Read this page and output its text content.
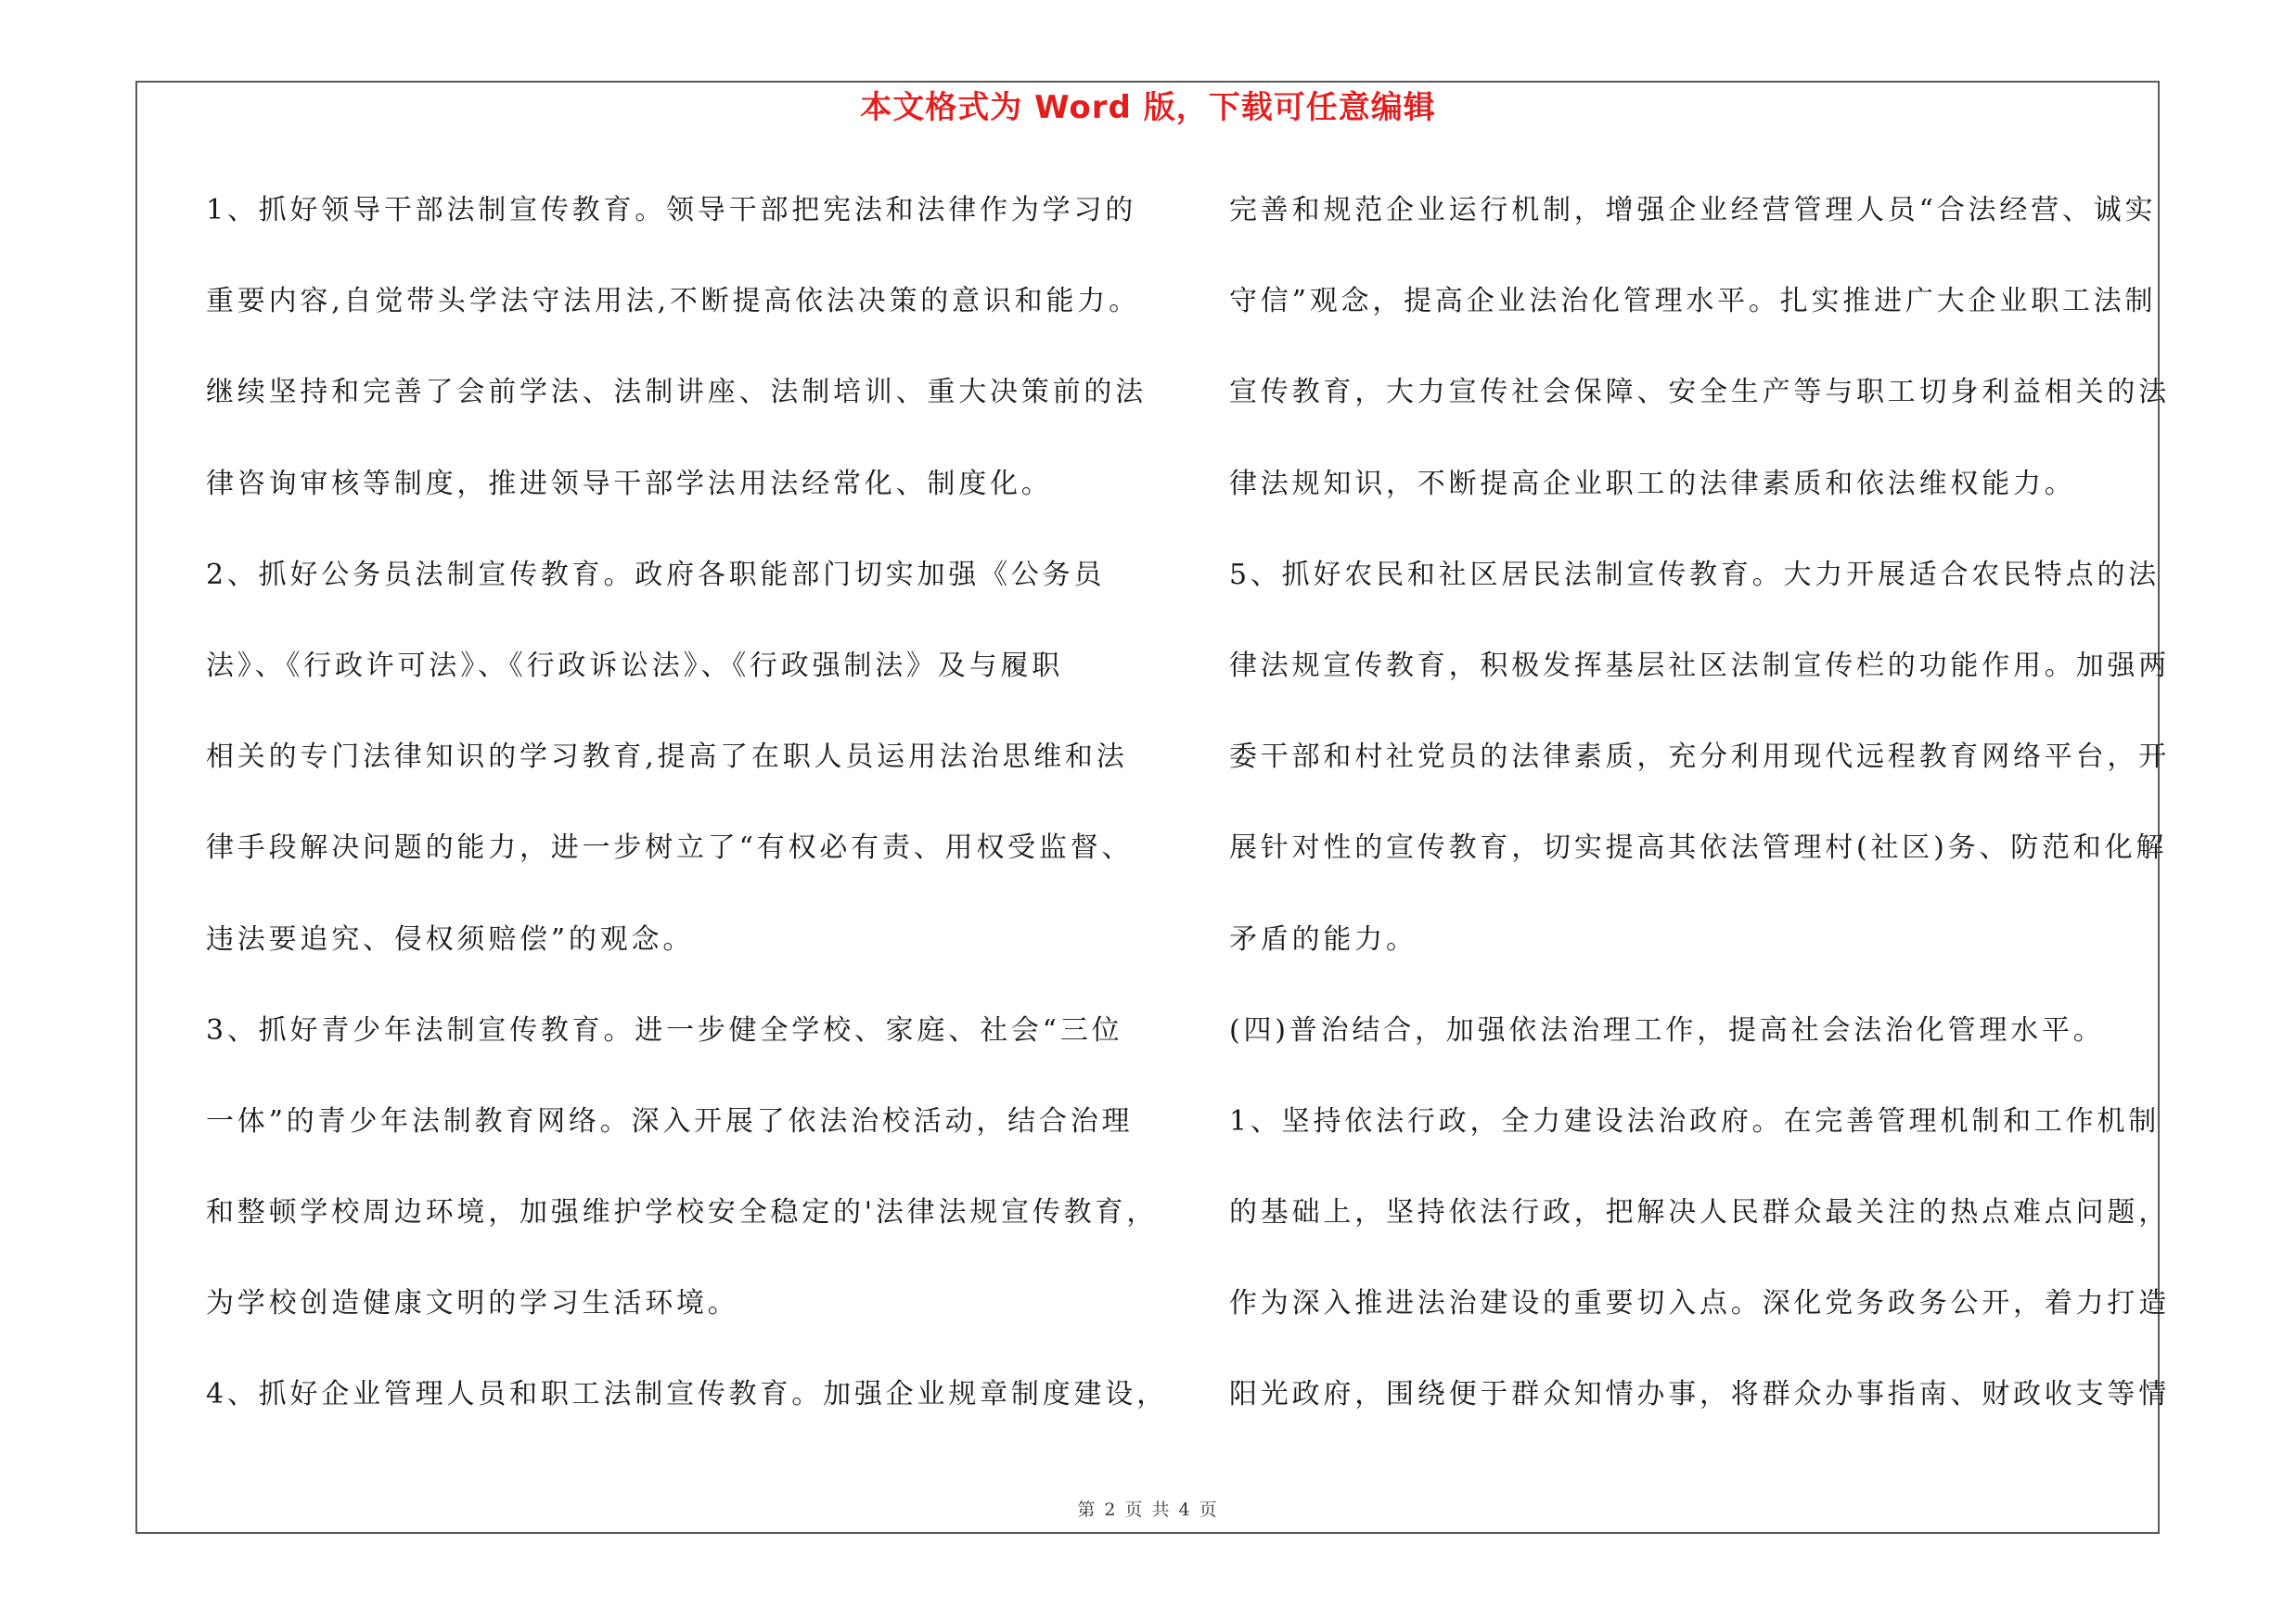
本文格式为 Word 版，下载可任意编辑
1、抓好领导干部法制宣传教育。领导干部把宪法和法律作为学习的
重要内容,自觉带头学法守法用法,不断提高依法决策的意识和能力。
继续坚持和完善了会前学法、法制讲座、法制培训、重大决策前的法
律咨询审核等制度，推进领导干部学法用法经常化、制度化。
2、抓好公务员法制宣传教育。政府各职能部门切实加强《公务员
法》、《行政许可法》、《行政诉讼法》、《行政强制法》及与履职
相关的专门法律知识的学习教育,提高了在职人员运用法治思维和法
律手段解决问题的能力，进一步树立了“有权必有责、用权受监督、
违法要追究、侵权须赔偿”的观念。
3、抓好青少年法制宣传教育。进一步健全学校、家庭、社会“三位
一体”的青少年法制教育网络。深入开展了依法治校活动，结合治理
和整顿学校周边环境，加强维护学校安全稳定的'法律法规宣传教育，
为学校创造健康文明的学习生活环境。
4、抓好企业管理人员和职工法制宣传教育。加强企业规章制度建设，
完善和规范企业运行机制，增强企业经营管理人员“合法经营、诚实
守信”观念，提高企业法治化管理水平。扎实推进广大企业职工法制
宣传教育，大力宣传社会保障、安全生产等与职工切身利益相关的法
律法规知识，不断提高企业职工的法律素质和依法维权能力。
5、抓好农民和社区居民法制宣传教育。大力开展适合农民特点的法
律法规宣传教育，积极发挥基层社区法制宣传栏的功能作用。加强两
委干部和村社党员的法律素质，充分利用现代远程教育网络平台，开
展针对性的宣传教育，切实提高其依法管理村(社区)务、防范和化解
矛盾的能力。
(四)普治结合，加强依法治理工作，提高社会法治化管理水平。
1、坚持依法行政，全力建设法治政府。在完善管理机制和工作机制
的基础上，坚持依法行政，把解决人民群众最关注的热点难点问题，
作为深入推进法治建设的重要切入点。深化党务政务公开，着力打造
阳光政府，围绕便于群众知情办事，将群众办事指南、财政收支等情
第 2 页 共 4 页
